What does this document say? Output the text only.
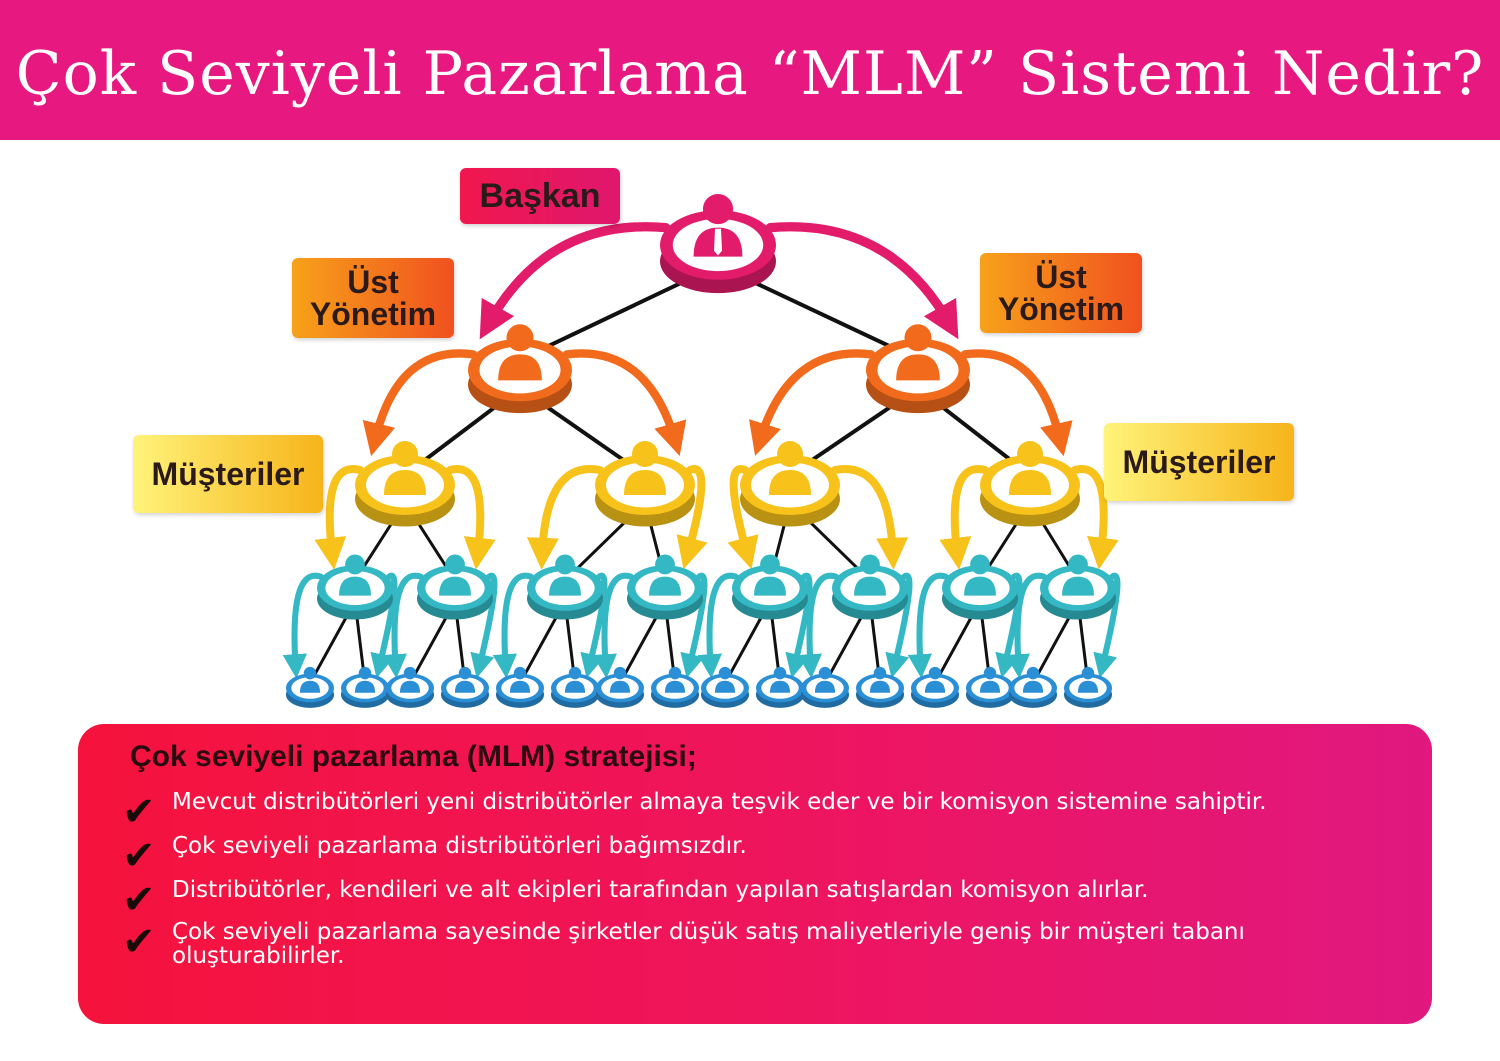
Çok Seviyeli Pazarlama “MLM” Sistemi Nedir?
Başkan
Üst
Yönetim
Üst
Yönetim
Müşteriler	Müşteriler
Çok seviyeli pazarlama (MLM) stratejisi;
✔ Mevcut distribütörleri yeni distribütörler almaya teşvik eder ve bir komisyon sistemine sahiptir.
✔ Çok seviyeli pazarlama distribütörleri bağımsızdır.
✔ Distribütörler, kendileri ve alt ekipleri tarafından yapılan satışlardan komisyon alırlar.
✔ Çok seviyeli pazarlama sayesinde şirketler düşük satış maliyetleriyle geniş bir müşteri tabanı oluşturabilirler.
